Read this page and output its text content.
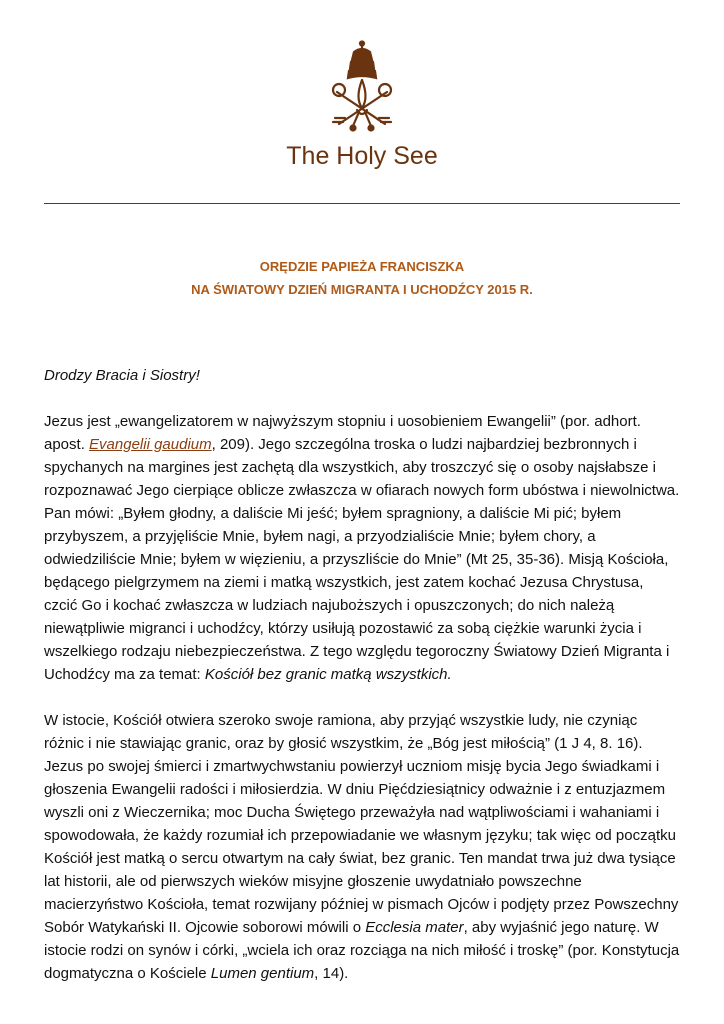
The Holy See
ORĘDZIE PAPIEŻA FRANCISZKA
NA ŚWIATOWY DZIEŃ MIGRANTA I UCHODŹCY 2015 R.

Drodzy Bracia i Siostry!

Jezus jest „ewangelizatorem w najwyższym stopniu i uosobieniem Ewangelii” (por. adhort. apost. Evangelii gaudium, 209). Jego szczególna troska o ludzi najbardziej bezbronnych i spychanych na margines jest zachętą dla wszystkich, aby troszczyć się o osoby najsłabsze i rozpoznawać Jego cierpiące oblicze zwłaszcza w ofiarach nowych form ubóstwa i niewolnictwa. Pan mówi: „Byłem głodny, a daliście Mi jeść; byłem spragniony, a daliście Mi pić; byłem przybyszem, a przyjęliście Mnie, byłem nagi, a przyodzialiście Mnie; byłem chory, a odwiedziliście Mnie; byłem w więzieniu, a przyszliście do Mnie” (Mt 25, 35-36). Misją Kościoła, będącego pielgrzymem na ziemi i matką wszystkich, jest zatem kochać Jezusa Chrystusa, czcić Go i kochać zwłaszcza w ludziach najuboższych i opuszczonych; do nich należą niewątpliwie migranci i uchodźcy, którzy usiłują pozostawić za sobą ciężkie warunki życia i wszelkiego rodzaju niebezpieczeństwa. Z tego względu tegoroczny Światowy Dzień Migranta i Uchodźcy ma za temat: Kościół bez granic matką wszystkich.

W istocie, Kościół otwiera szeroko swoje ramiona, aby przyjąć wszystkie ludy, nie czyniąc różnic i nie stawiając granic, oraz by głosić wszystkim, że „Bóg jest miłością” (1 J 4, 8. 16). Jezus po swojej śmierci i zmartwychwstaniu powierzył uczniom misję bycia Jego świadkami i głoszenia Ewangelii radości i miłosierdzia. W dniu Pięćdziesiątnicy odważnie i z entuzjazmem wyszli oni z Wieczernika; moc Ducha Świętego przeważyła nad wątpliwościami i wahaniami i spowodowała, że każdy rozumiał ich przepowiadanie we własnym języku; tak więc od początku Kościół jest matką o sercu otwartym na cały świat, bez granic. Ten mandat trwa już dwa tysiące lat historii, ale od pierwszych wieków misyjne głoszenie uwydatniało powszechne macierzyństwo Kościoła, temat rozwijany później w pismach Ojców i podjęty przez Powszechny Sobór Watykański II. Ojcowie soborowi mówili o Ecclesia mater, aby wyjaśnić jego naturę. W istocie rodzi on synów i córki, „wciela ich oraz rozciąga na nich miłość i troskę” (por. Konstytucja dogmatyczna o Kościele Lumen gentium, 14).
